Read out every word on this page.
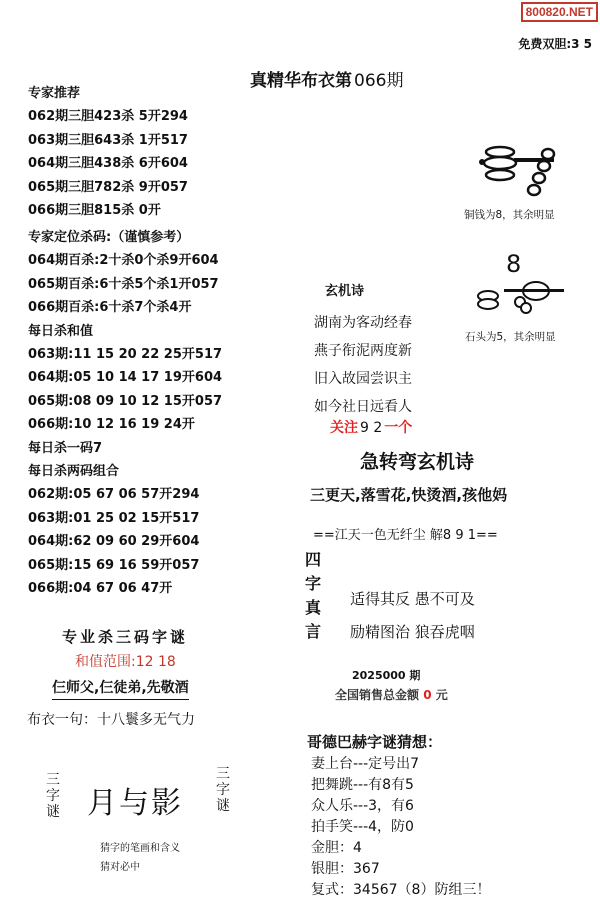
800820.NET
免费双胆:3 5
真精华布衣第 066期
专家推荐
062期三胆423杀 5开294
063期三胆643杀 1开517
064期三胆438杀 6开604
065期三胆782杀 9开057
066期三胆815杀 0开
专家定位杀码:（谨慎参考）
064期百杀:2十杀0个杀9开604
065期百杀:6十杀5个杀1开057
066期百杀:6十杀7个杀4开
每日杀和值
063期:11 15 20 22 25开517
064期:05 10 14 17 19开604
065期:08 09 10 12 15开057
066期:10 12 16 19 24开
每日杀一码7
每日杀两码组合
062期:05 67 06 57开294
063期:01 25 02 15开517
064期:62 09 60 29开604
065期:15 69 16 59开057
066期:04 67 06 47开
专业杀三码字谜
和值范围:12 18
仨师父,仨徒弟,先敬酒
布衣一句：十八鬟多无气力
三字谜 月与影
三字谜
猜字的笔画和含义
猜对必中
铜钱为8，其余明显
8
石头为5，其余明显
玄机诗
湖南为客动经春
燕子衔泥两度新
旧入故园尝识主
如今社日远看人
关注 9 2 一个
急转弯玄机诗
三更天,落雪花,快烫酒,孩他妈
==江天一色无纤尘 解8 9 1==
四
字
真
言
适得其反 愚不可及
励精图治 狼吞虎咽
2025000 期
全国销售总金额 0 元
哥德巴赫字谜猜想：
妻上台---定号出7
把舞跳---有8有5
众人乐---3，有6
拍手笑---4，防0
金胆：4
银胆：367
复式：34567（8）防组三！
